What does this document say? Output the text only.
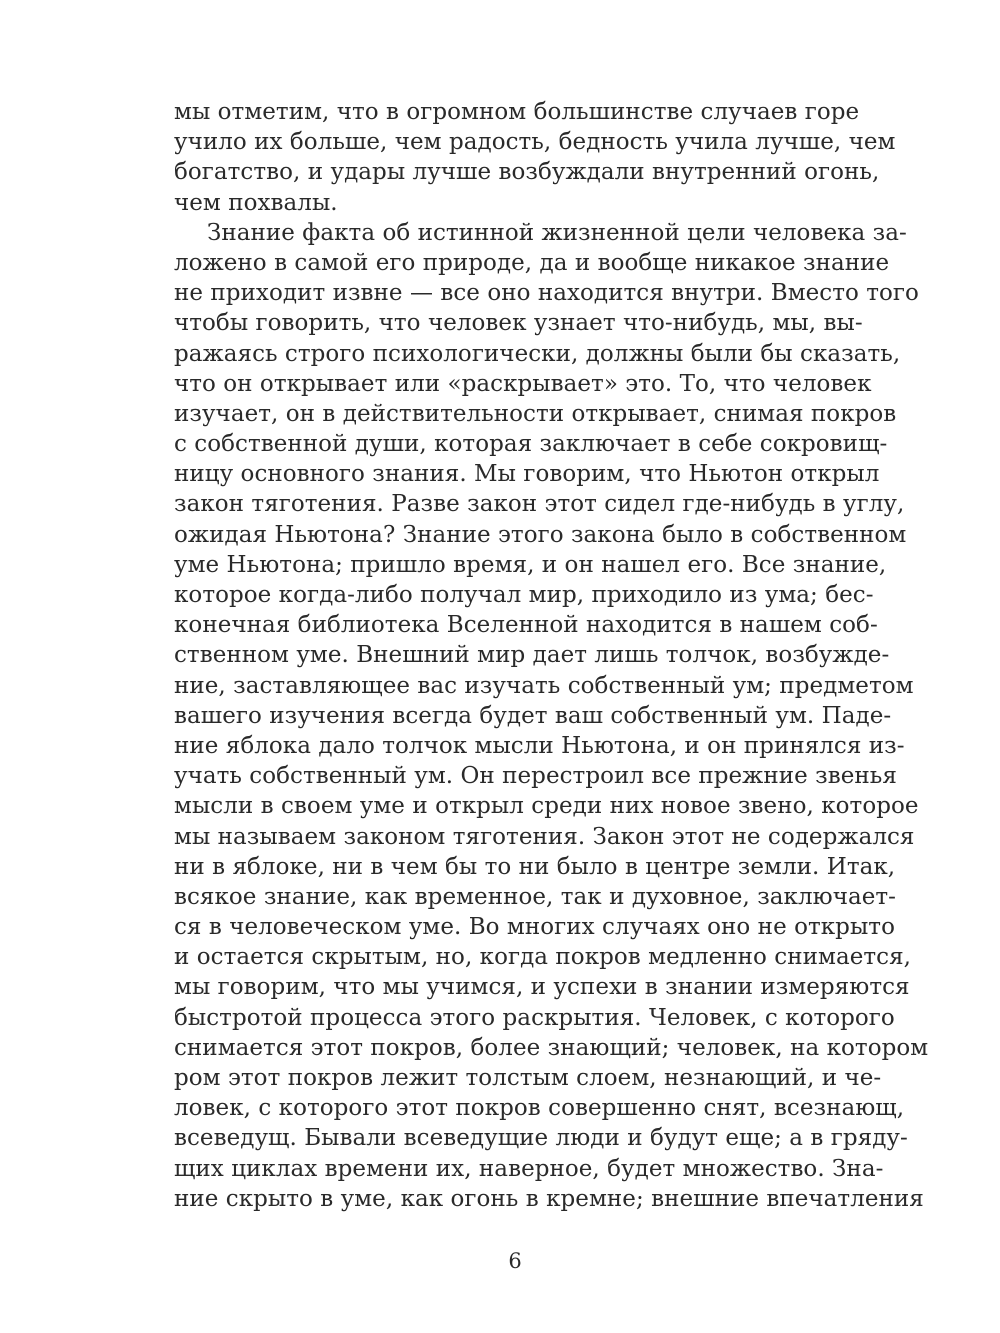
мы отметим, что в огромном большинстве случаев горе
учило их больше, чем радость, бедность учила лучше, чем
богатство, и удары лучше возбуждали внутренний огонь,
чем похвалы.
Знание факта об истинной жизненной цели человека за-
ложено в самой его природе, да и вообще никакое знание
не приходит извне — все оно находится внутри. Вместо того
чтобы говорить, что человек узнает что-нибудь, мы, вы-
ражаясь строго психологически, должны были бы сказать,
что он открывает или «раскрывает» это. То, что человек
изучает, он в действительности открывает, снимая покров
с собственной души, которая заключает в себе сокровищ-
ницу основного знания. Мы говорим, что Ньютон открыл
закон тяготения. Разве закон этот сидел где-нибудь в углу,
ожидая Ньютона? Знание этого закона было в собственном
уме Ньютона; пришло время, и он нашел его. Все знание,
которое когда-либо получал мир, приходило из ума; бес-
конечная библиотека Вселенной находится в нашем соб-
ственном уме. Внешний мир дает лишь толчок, возбужде-
ние, заставляющее вас изучать собственный ум; предметом
вашего изучения всегда будет ваш собственный ум. Паде-
ние яблока дало толчок мысли Ньютона, и он принялся из-
учать собственный ум. Он перестроил все прежние звенья
мысли в своем уме и открыл среди них новое звено, которое
мы называем законом тяготения. Закон этот не содержался
ни в яблоке, ни в чем бы то ни было в центре земли. Итак,
всякое знание, как временное, так и духовное, заключает-
ся в человеческом уме. Во многих случаях оно не открыто
и остается скрытым, но, когда покров медленно снимается,
мы говорим, что мы учимся, и успехи в знании измеряются
быстротой процесса этого раскрытия. Человек, с которого
снимается этот покров, более знающий; человек, на котором
ром этот покров лежит толстым слоем, незнающий, и че-
ловек, с которого этот покров совершенно снят, всезнающ,
всеведущ. Бывали всеведущие люди и будут еще; а в гряду-
щих циклах времени их, наверное, будет множество. Зна-
ние скрыто в уме, как огонь в кремне; внешние впечатления
6
